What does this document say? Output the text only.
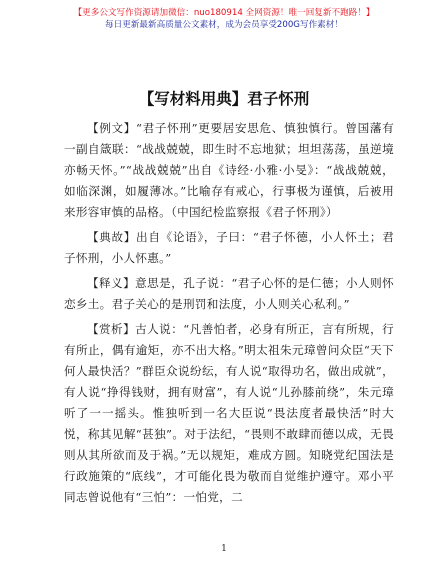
【更多公文写作资源请加微信：nuo180914 全网资源！唯一回复新不跑路！】
每日更新最新高质量公文素材，成为会员享受200G写作素材！
【写材料用典】君子怀刑

【例文】“君子怀刑”更要居安思危、慎独慎行。曾国藩有一副自箴联：“战战兢兢，即生时不忘地狱；坦坦荡荡，虽逆境亦畅天怀。”“战战兢兢”出自《诗经·小雅·小旻》：“战战兢兢，如临深渊，如履薄冰。”比喻存有戒心，行事极为谨慎，后被用来形容审慎的品格。（中国纪检监察报《君子怀刑》）

【典故】出自《论语》，子曰：“君子怀德，小人怀土；君子怀刑，小人怀惠。”

【释义】意思是，孔子说：“君子心怀的是仁德；小人则怀恋乡土。君子关心的是刑罚和法度，小人则关心私利。”

【赏析】古人说：“凡善怕者，必身有所正，言有所规，行有所止，偶有逾矩，亦不出大格。”明太祖朱元璋曾问众臣“天下何人最快活？”群臣众说纷纭，有人说“取得功名，做出成就”，有人说“挣得钱财，拥有财富”，有人说“儿孙膝前绕”，朱元璋听了一一摇头。惟独听到一名大臣说“畏法度者最快活”时大悦，称其见解“甚独”。对于法纪，“畏则不敢肆而德以成，无畏则从其所欲而及于祸。”无以规矩，难成方圆。知晓党纪国法是行政施策的“底线”，才可能化畏为敬而自觉维护遵守。邓小平同志曾说他有“三怕”：一怕党，二

1
